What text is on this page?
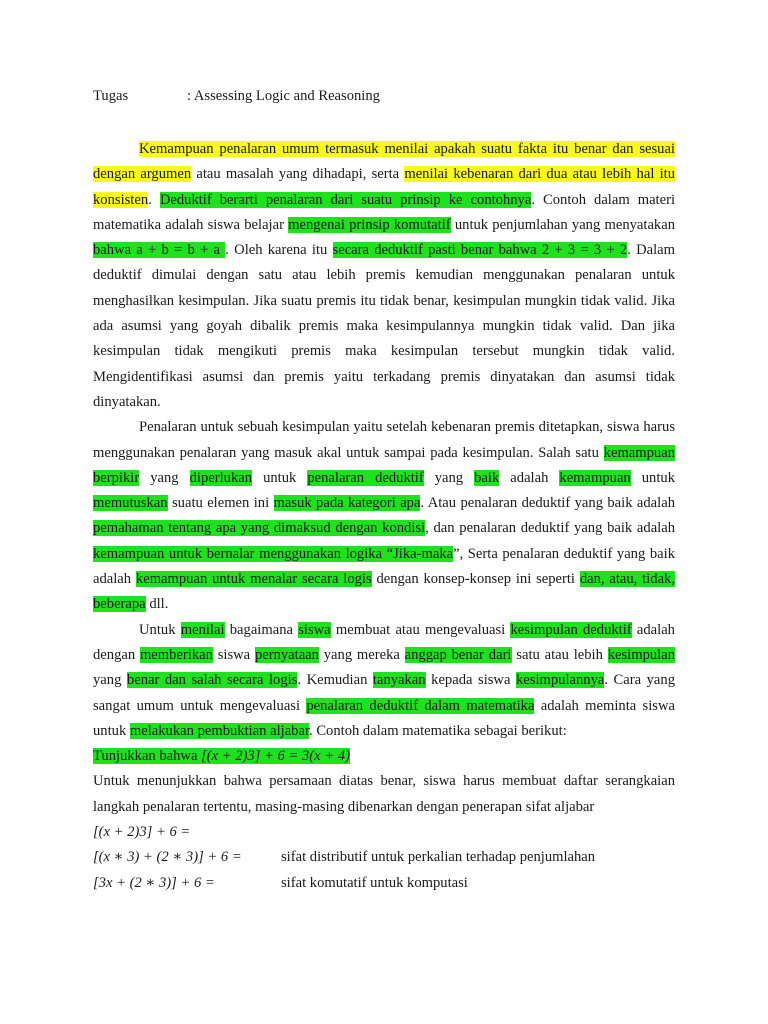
Tugas	: Assessing Logic and Reasoning

Kemampuan penalaran umum termasuk menilai apakah suatu fakta itu benar dan sesuai dengan argumen atau masalah yang dihadapi, serta menilai kebenaran dari dua atau lebih hal itu konsisten. Deduktif berarti penalaran dari suatu prinsip ke contohnya. Contoh dalam materi matematika adalah siswa belajar mengenai prinsip komutatif untuk penjumlahan yang menyatakan bahwa a + b = b + a . Oleh karena itu secara deduktif pasti benar bahwa 2 + 3 = 3 + 2. Dalam deduktif dimulai dengan satu atau lebih premis kemudian menggunakan penalaran untuk menghasilkan kesimpulan. Jika suatu premis itu tidak benar, kesimpulan mungkin tidak valid. Jika ada asumsi yang goyah dibalik premis maka kesimpulannya mungkin tidak valid. Dan jika kesimpulan tidak mengikuti premis maka kesimpulan tersebut mungkin tidak valid. Mengidentifikasi asumsi dan premis yaitu terkadang premis dinyatakan dan asumsi tidak dinyatakan.

Penalaran untuk sebuah kesimpulan yaitu setelah kebenaran premis ditetapkan, siswa harus menggunakan penalaran yang masuk akal untuk sampai pada kesimpulan. Salah satu kemampuan berpikir yang diperlukan untuk penalaran deduktif yang baik adalah kemampuan untuk memutuskan suatu elemen ini masuk pada kategori apa. Atau penalaran deduktif yang baik adalah pemahaman tentang apa yang dimaksud dengan kondisi, dan penalaran deduktif yang baik adalah kemampuan untuk bernalar menggunakan logika “Jika-maka”, Serta penalaran deduktif yang baik adalah kemampuan untuk menalar secara logis dengan konsep-konsep ini seperti dan, atau, tidak, beberapa dll.

Untuk menilai bagaimana siswa membuat atau mengevaluasi kesimpulan deduktif adalah dengan memberikan siswa pernyataan yang mereka anggap benar dari satu atau lebih kesimpulan yang benar dan salah secara logis. Kemudian tanyakan kepada siswa kesimpulannya. Cara yang sangat umum untuk mengevaluasi penalaran deduktif dalam matematika adalah meminta siswa untuk melakukan pembuktian aljabar. Contoh dalam matematika sebagai berikut:

Tunjukkan bahwa [(x + 2)3] + 6 = 3(x + 4)

Untuk menunjukkan bahwa persamaan diatas benar, siswa harus membuat daftar serangkaian langkah penalaran tertentu, masing-masing dibenarkan dengan penerapan sifat aljabar

[(x + 2)3] + 6 =
[(x ∗ 3) + (2 ∗ 3)] + 6 =	sifat distributif untuk perkalian terhadap penjumlahan
[3x + (2 ∗ 3)] + 6 =	sifat komutatif untuk komputasi
